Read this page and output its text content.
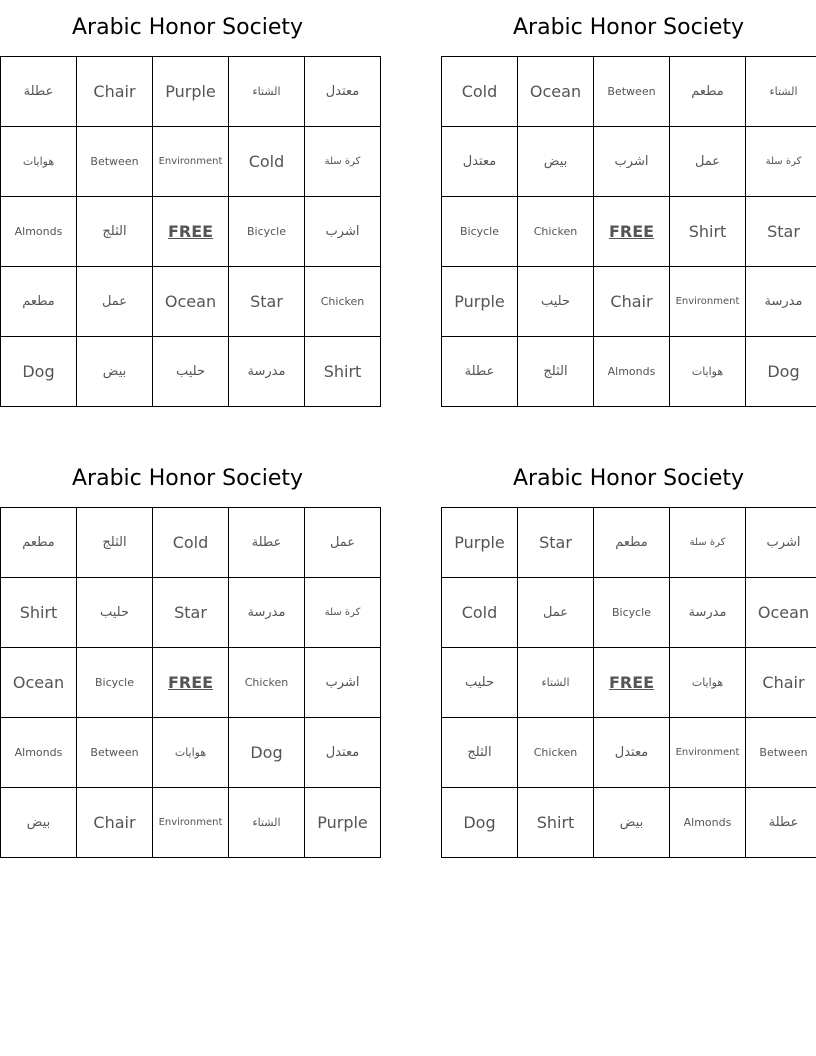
Arabic Honor Society
عطلة	Chair	Purple	الشتاء	معتدل
هوايات	Between	Environment	Cold	كرة سلة
Almonds	الثلج	FREE	Bicycle	اشرب
مطعم	عمل	Ocean	Star	Chicken
Dog	بيض	حليب	مدرسة	Shirt
Arabic Honor Society
Cold	Ocean	Between	مطعم	الشتاء
معتدل	بيض	اشرب	عمل	كرة سلة
Bicycle	Chicken	FREE	Shirt	Star
Purple	حليب	Chair	Environment	مدرسة
عطلة	الثلج	Almonds	هوايات	Dog
Arabic Honor Society
مطعم	الثلج	Cold	عطلة	عمل
Shirt	حليب	Star	مدرسة	كرة سلة
Ocean	Bicycle	FREE	Chicken	اشرب
Almonds	Between	هوايات	Dog	معتدل
بيض	Chair	Environment	الشتاء	Purple
Arabic Honor Society
Purple	Star	مطعم	كرة سلة	اشرب
Cold	عمل	Bicycle	مدرسة	Ocean
حليب	الشتاء	FREE	هوايات	Chair
الثلج	Chicken	معتدل	Environment	Between
Dog	Shirt	بيض	Almonds	عطلة
